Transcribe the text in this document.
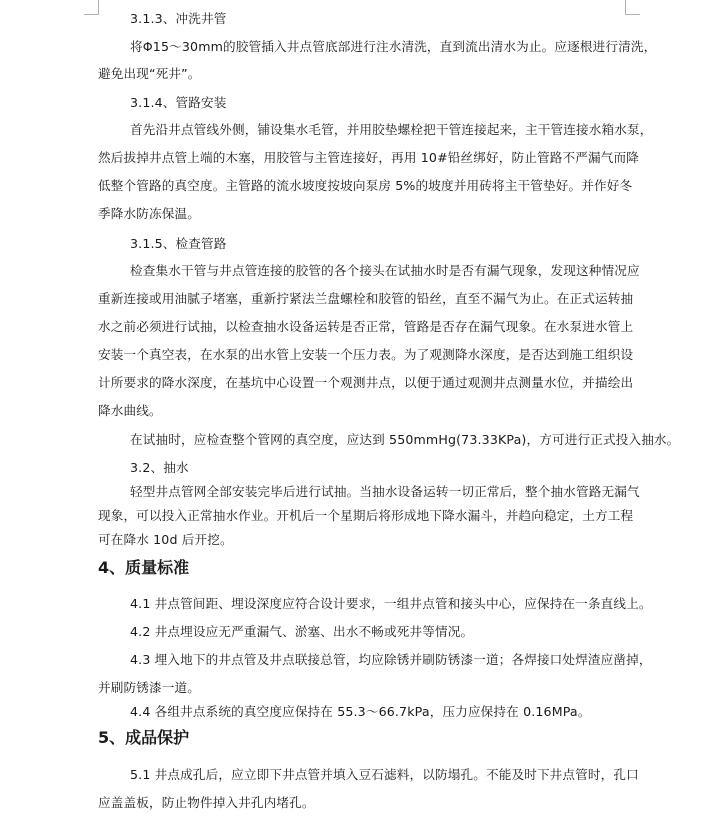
3.1.3、冲洗井管
将Φ15～30mm的胶管插入井点管底部进行注水清洗，直到流出清水为止。应逐根进行清洗，
避免出现“死井”。
3.1.4、管路安装
首先沿井点管线外侧，铺设集水毛管，并用胶垫螺栓把干管连接起来，主干管连接水箱水泵，
然后拔掉井点管上端的木塞，用胶管与主管连接好，再用 10#铅丝绑好，防止管路不严漏气而降
低整个管路的真空度。主管路的流水坡度按坡向泵房 5%的坡度并用砖将主干管垫好。并作好冬
季降水防冻保温。
3.1.5、检查管路
检查集水干管与井点管连接的胶管的各个接头在试抽水时是否有漏气现象，发现这种情况应
重新连接或用油腻子堵塞，重新拧紧法兰盘螺栓和胶管的铅丝，直至不漏气为止。在正式运转抽
水之前必须进行试抽，以检查抽水设备运转是否正常，管路是否存在漏气现象。在水泵进水管上
安装一个真空表，在水泵的出水管上安装一个压力表。为了观测降水深度，是否达到施工组织设
计所要求的降水深度，在基坑中心设置一个观测井点，以便于通过观测井点测量水位，并描绘出
降水曲线。
在试抽时，应检查整个管网的真空度，应达到 550mmHg(73.33KPa)，方可进行正式投入抽水。
3.2、抽水
轻型井点管网全部安装完毕后进行试抽。当抽水设备运转一切正常后，整个抽水管路无漏气
现象，可以投入正常抽水作业。开机后一个星期后将形成地下降水漏斗，并趋向稳定，土方工程
可在降水 10d 后开挖。
4、质量标准
4.1 井点管间距、埋设深度应符合设计要求，一组井点管和接头中心，应保持在一条直线上。
4.2 井点埋设应无严重漏气、淤塞、出水不畅或死井等情况。
4.3 埋入地下的井点管及井点联接总管，均应除锈并刷防锈漆一道；各焊接口处焊渣应凿掉，
并刷防锈漆一道。
4.4 各组井点系统的真空度应保持在 55.3～66.7kPa，压力应保持在 0.16MPa。
5、成品保护
5.1 井点成孔后，应立即下井点管并填入豆石滤料，以防塌孔。不能及时下井点管时，孔口
应盖盖板，防止物件掉入井孔内堵孔。
